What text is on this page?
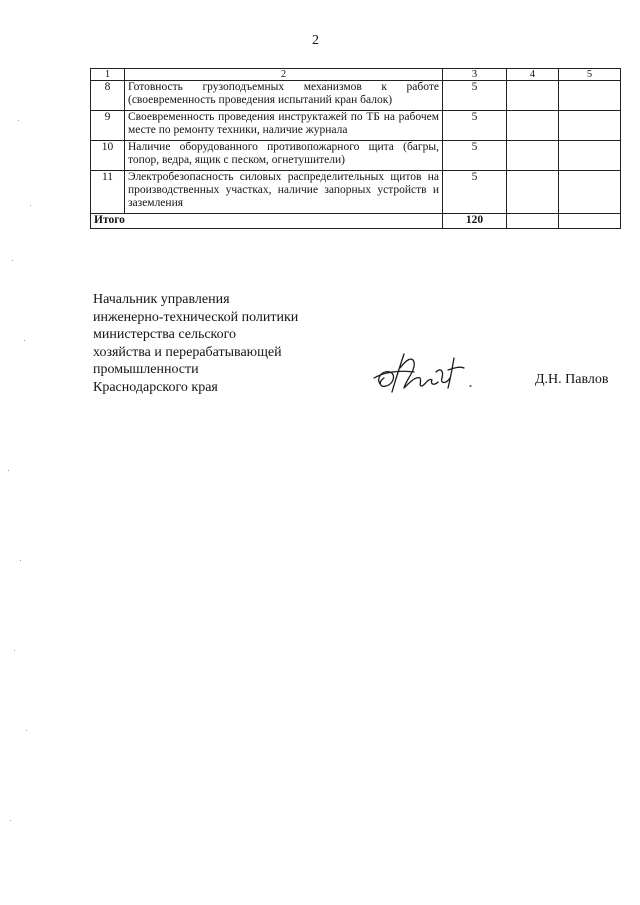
2
1	2	3	4	5
8	Готовность грузоподъемных механизмов к работе (своевременность проведения испытаний кран балок)	5		
9	Своевременность проведения инструктажей по ТБ на рабочем месте по ремонту техники, наличие журнала	5		
10	Наличие оборудованного противопожарного щита (багры, топор, ведра, ящик с песком, огнетушители)	5		
11	Электробезопасность силовых распределительных щитов на производственных участках, наличие запорных устройств и заземления	5		
Итого		120		
Начальник управления
инженерно-технической политики
министерства сельского
хозяйства и перерабатывающей
промышленности
Краснодарского края	Д.Н. Павлов
